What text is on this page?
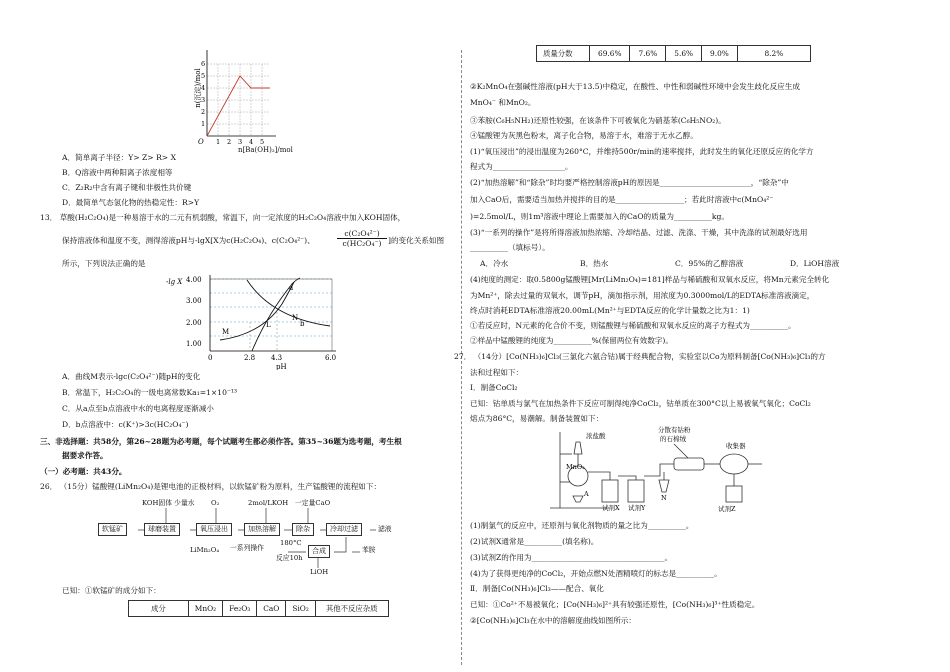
n(沉淀)/mol
O
1
2
3
4
5
6
1 2 3 4 5
n[Ba(OH)₂]/mol
A．简单离子半径：Y> Z> R> X
B．Q溶液中两种阳离子浓度相等
C．Z₂R₂中含有离子键和非极性共价键
D．最简单气态氢化物的热稳定性：R>Y
13． 草酸(H₂C₂O₄)是一种易溶于水的二元有机弱酸，常温下，向一定浓度的H₂C₂O₄溶液中加入KOH固体，
保持溶液体和温度不变，测得溶液pH与-lgX[X为c(H₂C₂O₄)、c(C₂O₄²⁻)、	$\frac{\text{c(C₂O₄²⁻)}}{\text{c(HC₂O₄⁻)}}$ ]的变化关系如图
所示，下列说法正确的是
-lg X 4.00
3.00
2.00
1.00
0	2.8 4.3	6.0
a
M
L
N
b
pH
A．曲线M表示-lgc(C₂O₄²⁻)随pH的变化
B．常温下，H₂C₂O₄的一级电离常数Ka₁=1×10⁻¹³
C．从a点至b点溶液中水的电离程度逐渐减小
D．b点溶液中：c(K⁺)>3c(HC₂O₄⁻)
三、非选择题：共58分，第26~28题为必考题，每个试题考生都必须作答。第35~36题为选考题，考生根
据要求作答。
（一）必考题：共43分。
26． （15分）锰酸锂(LiMn₂O₄)是锂电池的正极材料，以软锰矿粉为原料，生产锰酸锂的流程如下：
软锰矿	球磨装置	氧压浸出	加热溶解	除杂	冷却过滤
合成
KOH固体 少量水 O₂	2mol/LKOH 一定量CaO
滤液
苯胺
LiOH
180°C
反应10h
一系列操作
LiMn₂O₄
已知：①软锰矿的成分如下：
成分	MnO₂	Fe₂O₃	CaO	SiO₂	其他不反应杂质
质量分数	69.6%	7.6%	5.6%	9.0%	8.2%
②K₂MnO₄在强碱性溶液(pH大于13.5)中稳定，在酸性、中性和弱碱性环境中会发生歧化反应生成
MnO₄⁻ 和MnO₂。
③苯胺(C₆H₅NH₂)还原性较强，在该条件下可被氧化为硝基苯(C₆H₅NO₂)。
④锰酸锂为灰黑色粉末，离子化合物，易溶于水，难溶于无水乙醇。
(1)“氧压浸出”的浸出温度为260°C，并维持500r/min的速率搅拌，此时发生的氧化还原反应的化学方
程式为___________________。
(2)“加热溶解”和“除杂”时均要严格控制溶液pH的原因是________________________，“除杂”中
加入CaO后，需要适当加热并搅拌的目的是__________________；若此时溶液中c(MnO₄²⁻
)=2.5mol/L，则1m³溶液中理论上需要加入的CaO的质量为__________kg。
(3)“一系列的操作”是将所得溶液加热浓缩、冷却结晶、过滤、洗涤、干燥，其中洗涤的试剂最好选用
__________（填标号）。
A．冷水	B．热水	C．95%的乙醇溶液	D．LiOH溶液
(4)纯度的测定：取0.5800g锰酸锂[Mr(LiMn₂O₄)=181]样品与稀硫酸和双氧水反应，将Mn元素完全转化
为Mn²⁺，除去过量的双氧水，调节pH，滴加指示剂，用浓度为0.3000mol/L的EDTA标准溶液滴定，
终点时消耗EDTA标准溶液20.00mL(Mn²⁺与EDTA反应的化学计量数之比为1：1)
①若反应时，N元素的化合价不变，则锰酸锂与稀硫酸和双氧水反应的离子方程式为__________。
②样品中锰酸锂的纯度为__________%(保留两位有效数字)。
27． （14分）[Co(NH₃)₆]Cl₃(三氯化六氨合钴)属于经典配合物，实验室以Co为原料制备[Co(NH₃)₆]Cl₃的方
法和过程如下：
Ⅰ．制备CoCl₂
已知：钴单质与氯气在加热条件下反应可制得纯净CoCl₂，钴单质在300°C以上易被氧气氧化；CoCl₂
熔点为86°C，易潮解。制备装置如下：
浓盐酸
分散有钴粉
的石棉绒
收集器
MnO₂
A
试剂X 试剂Y
N
试剂Z
(1)制氯气的反应中，还原剂与氧化剂物质的量之比为__________。
(2)试剂X通常是__________(填名称)。
(3)试剂Z的作用为___________________________________。
(4)为了获得更纯净的CoCl₂，开始点燃N处酒精喷灯的标志是__________。
Ⅱ．制备[Co(NH₃)₆]Cl₃——配合、氧化
已知：①Co²⁺不易被氧化；[Co(NH₃)₆]²⁺具有较强还原性，[Co(NH₃)₆]³⁺性质稳定。
②[Co(NH₃)₆]Cl₃在水中的溶解度曲线如图所示：
